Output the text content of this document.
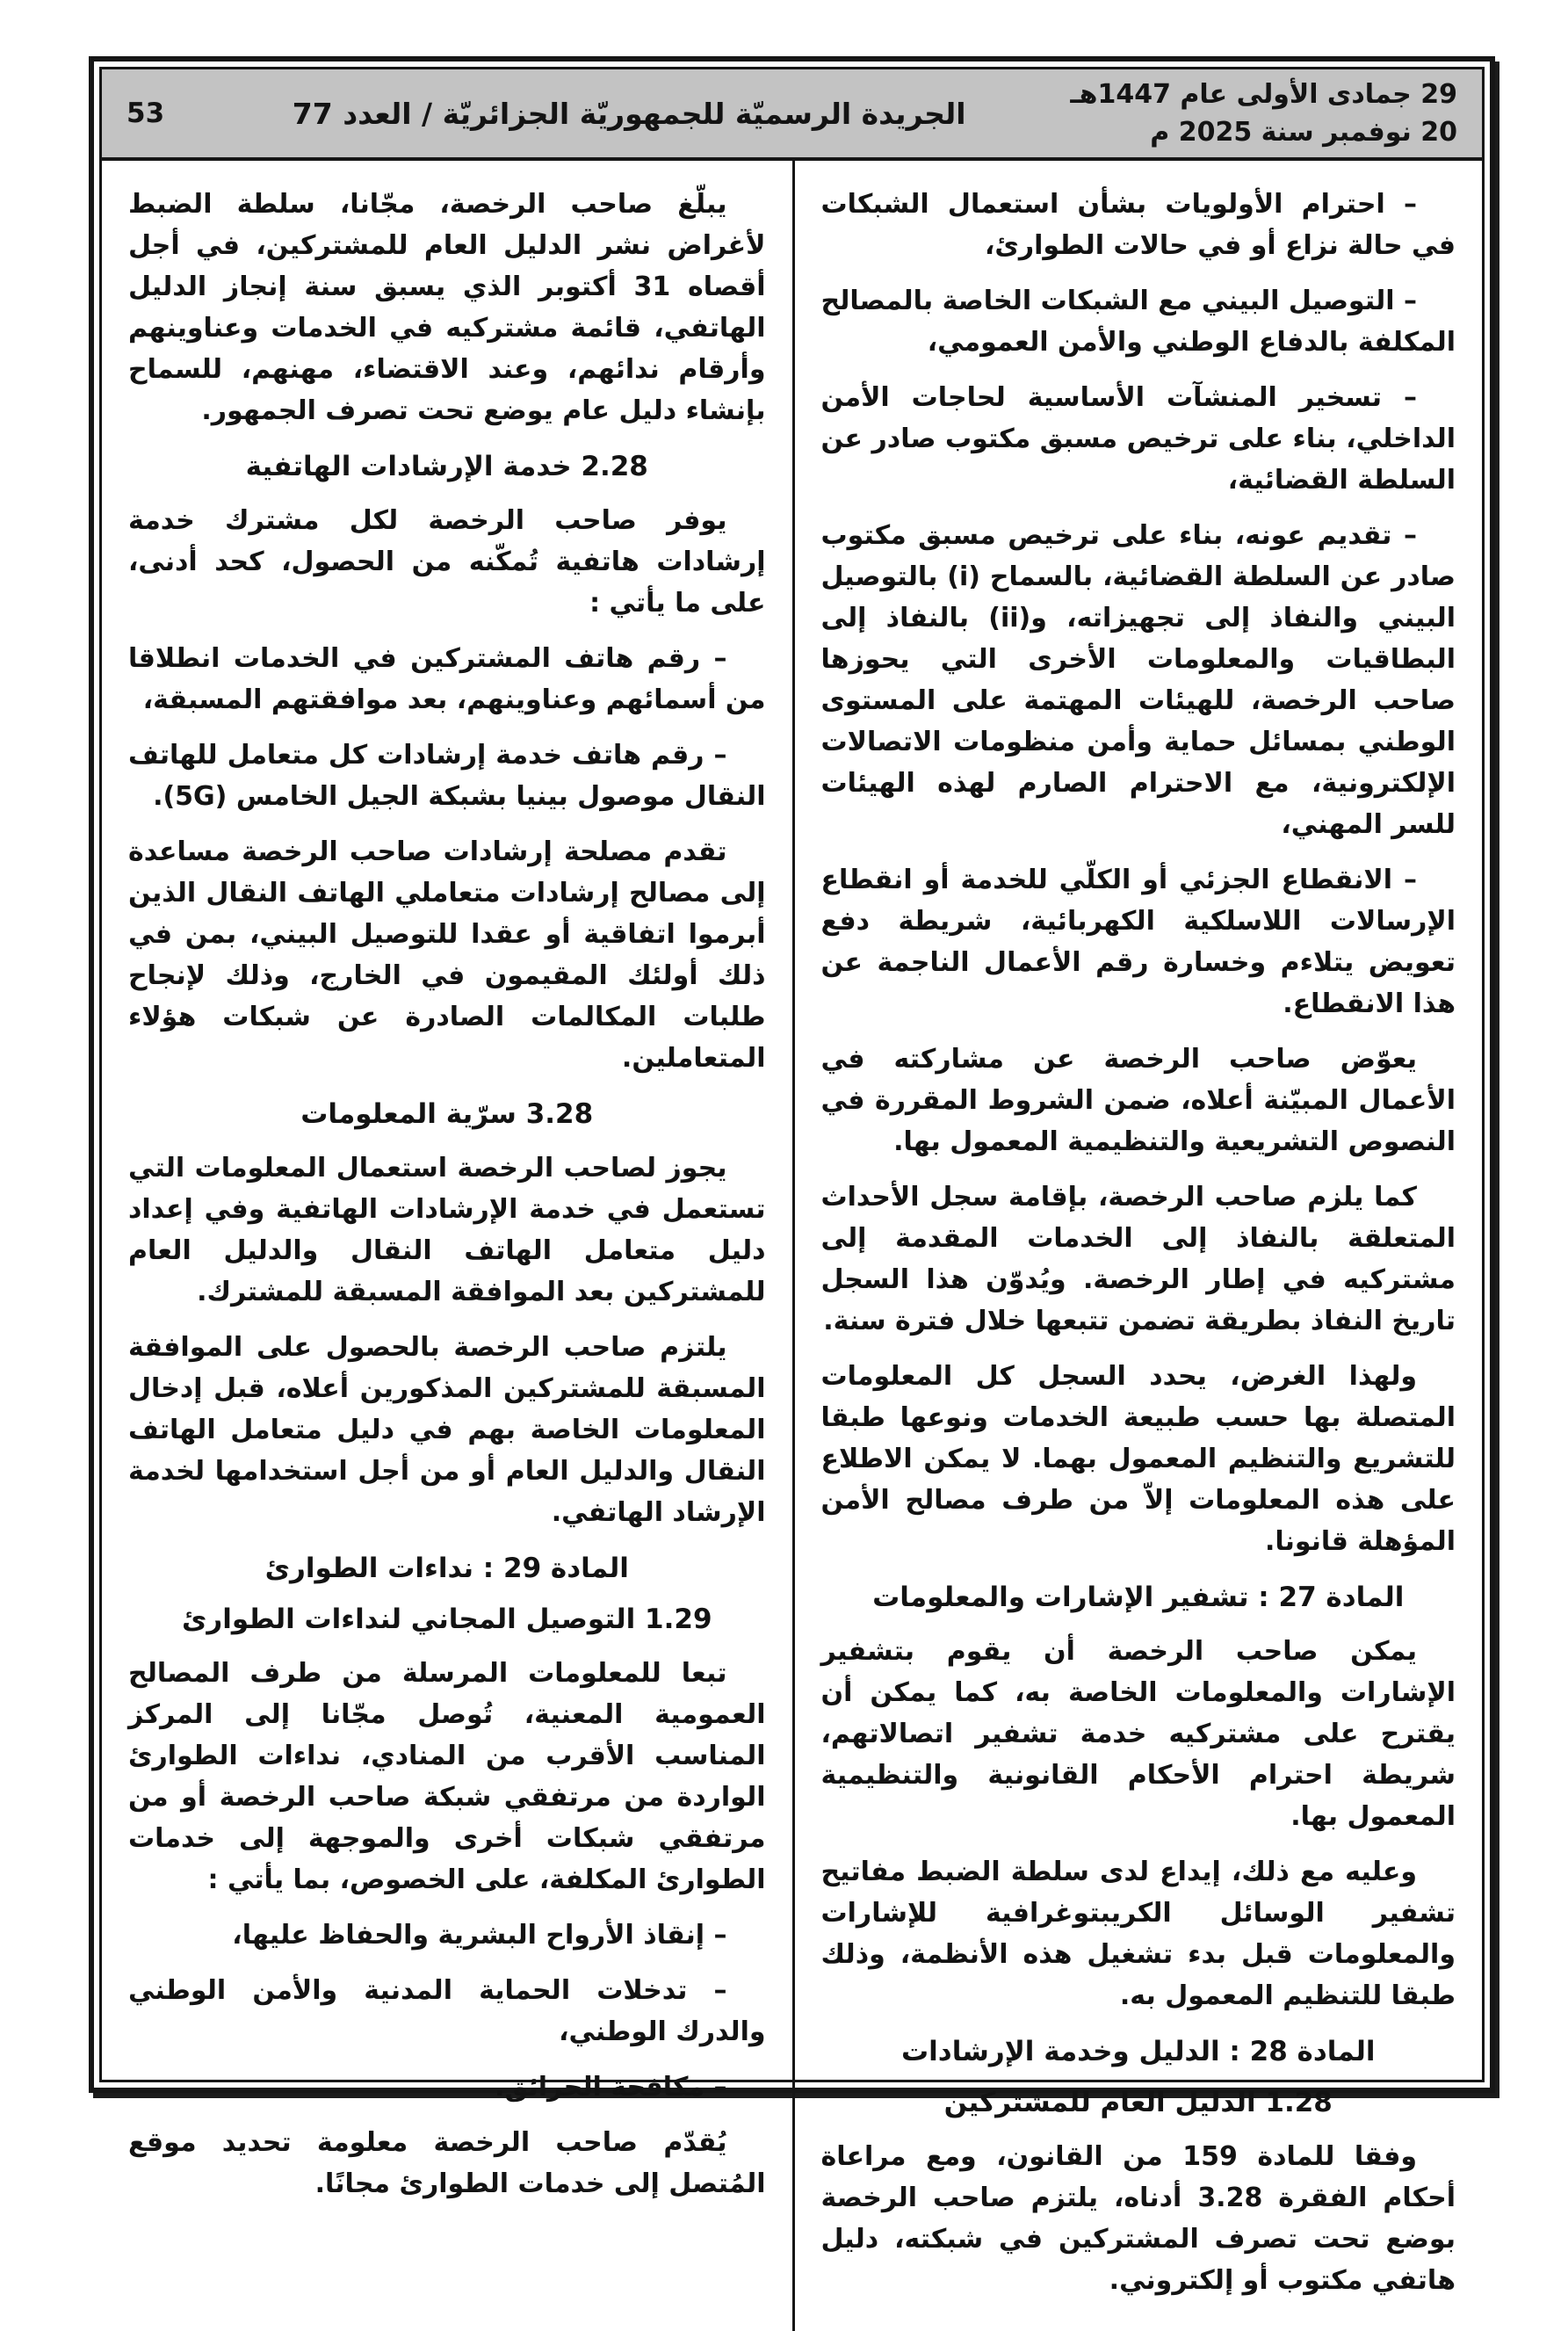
29 جمادى الأولى عام 1447هـ
20 نوفمبر سنة 2025 م
الجريدة الرسميّة للجمهوريّة الجزائريّة / العدد 77
53

– احترام الأولويات بشأن استعمال الشبكات في حالة نزاع أو في حالات الطوارئ،

– التوصيل البيني مع الشبكات الخاصة بالمصالح المكلفة بالدفاع الوطني والأمن العمومي،

– تسخير المنشآت الأساسية لحاجات الأمن الداخلي، بناء على ترخيص مسبق مكتوب صادر عن السلطة القضائية،

– تقديم عونه، بناء على ترخيص مسبق مكتوب صادر عن السلطة القضائية، بالسماح (i) بالتوصيل البيني والنفاذ إلى تجهيزاته، و(ii) بالنفاذ إلى البطاقيات والمعلومات الأخرى التي يحوزها صاحب الرخصة، للهيئات المهتمة على المستوى الوطني بمسائل حماية وأمن منظومات الاتصالات الإلكترونية، مع الاحترام الصارم لهذه الهيئات للسر المهني،

– الانقطاع الجزئي أو الكلّي للخدمة أو انقطاع الإرسالات اللاسلكية الكهربائية، شريطة دفع تعويض يتلاءم وخسارة رقم الأعمال الناجمة عن هذا الانقطاع.

يعوّض صاحب الرخصة عن مشاركته في الأعمال المبيّنة أعلاه، ضمن الشروط المقررة في النصوص التشريعية والتنظيمية المعمول بها.

كما يلزم صاحب الرخصة، بإقامة سجل الأحداث المتعلقة بالنفاذ إلى الخدمات المقدمة إلى مشتركيه في إطار الرخصة. ويُدوّن هذا السجل تاريخ النفاذ بطريقة تضمن تتبعها خلال فترة سنة.

ولهذا الغرض، يحدد السجل كل المعلومات المتصلة بها حسب طبيعة الخدمات ونوعها طبقا للتشريع والتنظيم المعمول بهما. لا يمكن الاطلاع على هذه المعلومات إلاّ من طرف مصالح الأمن المؤهلة قانونا.

المادة 27 : تشفير الإشارات والمعلومات

يمكن صاحب الرخصة أن يقوم بتشفير الإشارات والمعلومات الخاصة به، كما يمكن أن يقترح على مشتركيه خدمة تشفير اتصالاتهم، شريطة احترام الأحكام القانونية والتنظيمية المعمول بها.

وعليه مع ذلك، إيداع لدى سلطة الضبط مفاتيح تشفير الوسائل الكريبتوغرافية للإشارات والمعلومات قبل بدء تشغيل هذه الأنظمة، وذلك طبقا للتنظيم المعمول به.

المادة 28 : الدليل وخدمة الإرشادات
1.28 الدليل العام للمشتركين

وفقا للمادة 159 من القانون، ومع مراعاة أحكام الفقرة 3.28 أدناه، يلتزم صاحب الرخصة بوضع تحت تصرف المشتركين في شبكته، دليل هاتفي مكتوب أو إلكتروني.

يبلّغ صاحب الرخصة، مجّانا، سلطة الضبط لأغراض نشر الدليل العام للمشتركين، في أجل أقصاه 31 أكتوبر الذي يسبق سنة إنجاز الدليل الهاتفي، قائمة مشتركيه في الخدمات وعناوينهم وأرقام ندائهم، وعند الاقتضاء، مهنهم، للسماح بإنشاء دليل عام يوضع تحت تصرف الجمهور.

2.28 خدمة الإرشادات الهاتفية

يوفر صاحب الرخصة لكل مشترك خدمة إرشادات هاتفية تُمكّنه من الحصول، كحد أدنى، على ما يأتي :

– رقم هاتف المشتركين في الخدمات انطلاقا من أسمائهم وعناوينهم، بعد موافقتهم المسبقة،

– رقم هاتف خدمة إرشادات كل متعامل للهاتف النقال موصول بينيا بشبكة الجيل الخامس (5G).

تقدم مصلحة إرشادات صاحب الرخصة مساعدة إلى مصالح إرشادات متعاملي الهاتف النقال الذين أبرموا اتفاقية أو عقدا للتوصيل البيني، بمن في ذلك أولئك المقيمون في الخارج، وذلك لإنجاح طلبات المكالمات الصادرة عن شبكات هؤلاء المتعاملين.

3.28 سرّية المعلومات

يجوز لصاحب الرخصة استعمال المعلومات التي تستعمل في خدمة الإرشادات الهاتفية وفي إعداد دليل متعامل الهاتف النقال والدليل العام للمشتركين بعد الموافقة المسبقة للمشترك.

يلتزم صاحب الرخصة بالحصول على الموافقة المسبقة للمشتركين المذكورين أعلاه، قبل إدخال المعلومات الخاصة بهم في دليل متعامل الهاتف النقال والدليل العام أو من أجل استخدامها لخدمة الإرشاد الهاتفي.

المادة 29 : نداءات الطوارئ
1.29 التوصيل المجاني لنداءات الطوارئ

تبعا للمعلومات المرسلة من طرف المصالح العمومية المعنية، تُوصل مجّانا إلى المركز المناسب الأقرب من المنادي، نداءات الطوارئ الواردة من مرتفقي شبكة صاحب الرخصة أو من مرتفقي شبكات أخرى والموجهة إلى خدمات الطوارئ المكلفة، على الخصوص، بما يأتي :

– إنقاذ الأرواح البشرية والحفاظ عليها،

– تدخلات الحماية المدنية والأمن الوطني والدرك الوطني،

– مكافحة الحرائق.

يُقدّم صاحب الرخصة معلومة تحديد موقع المُتصل إلى خدمات الطوارئ مجانًا.
